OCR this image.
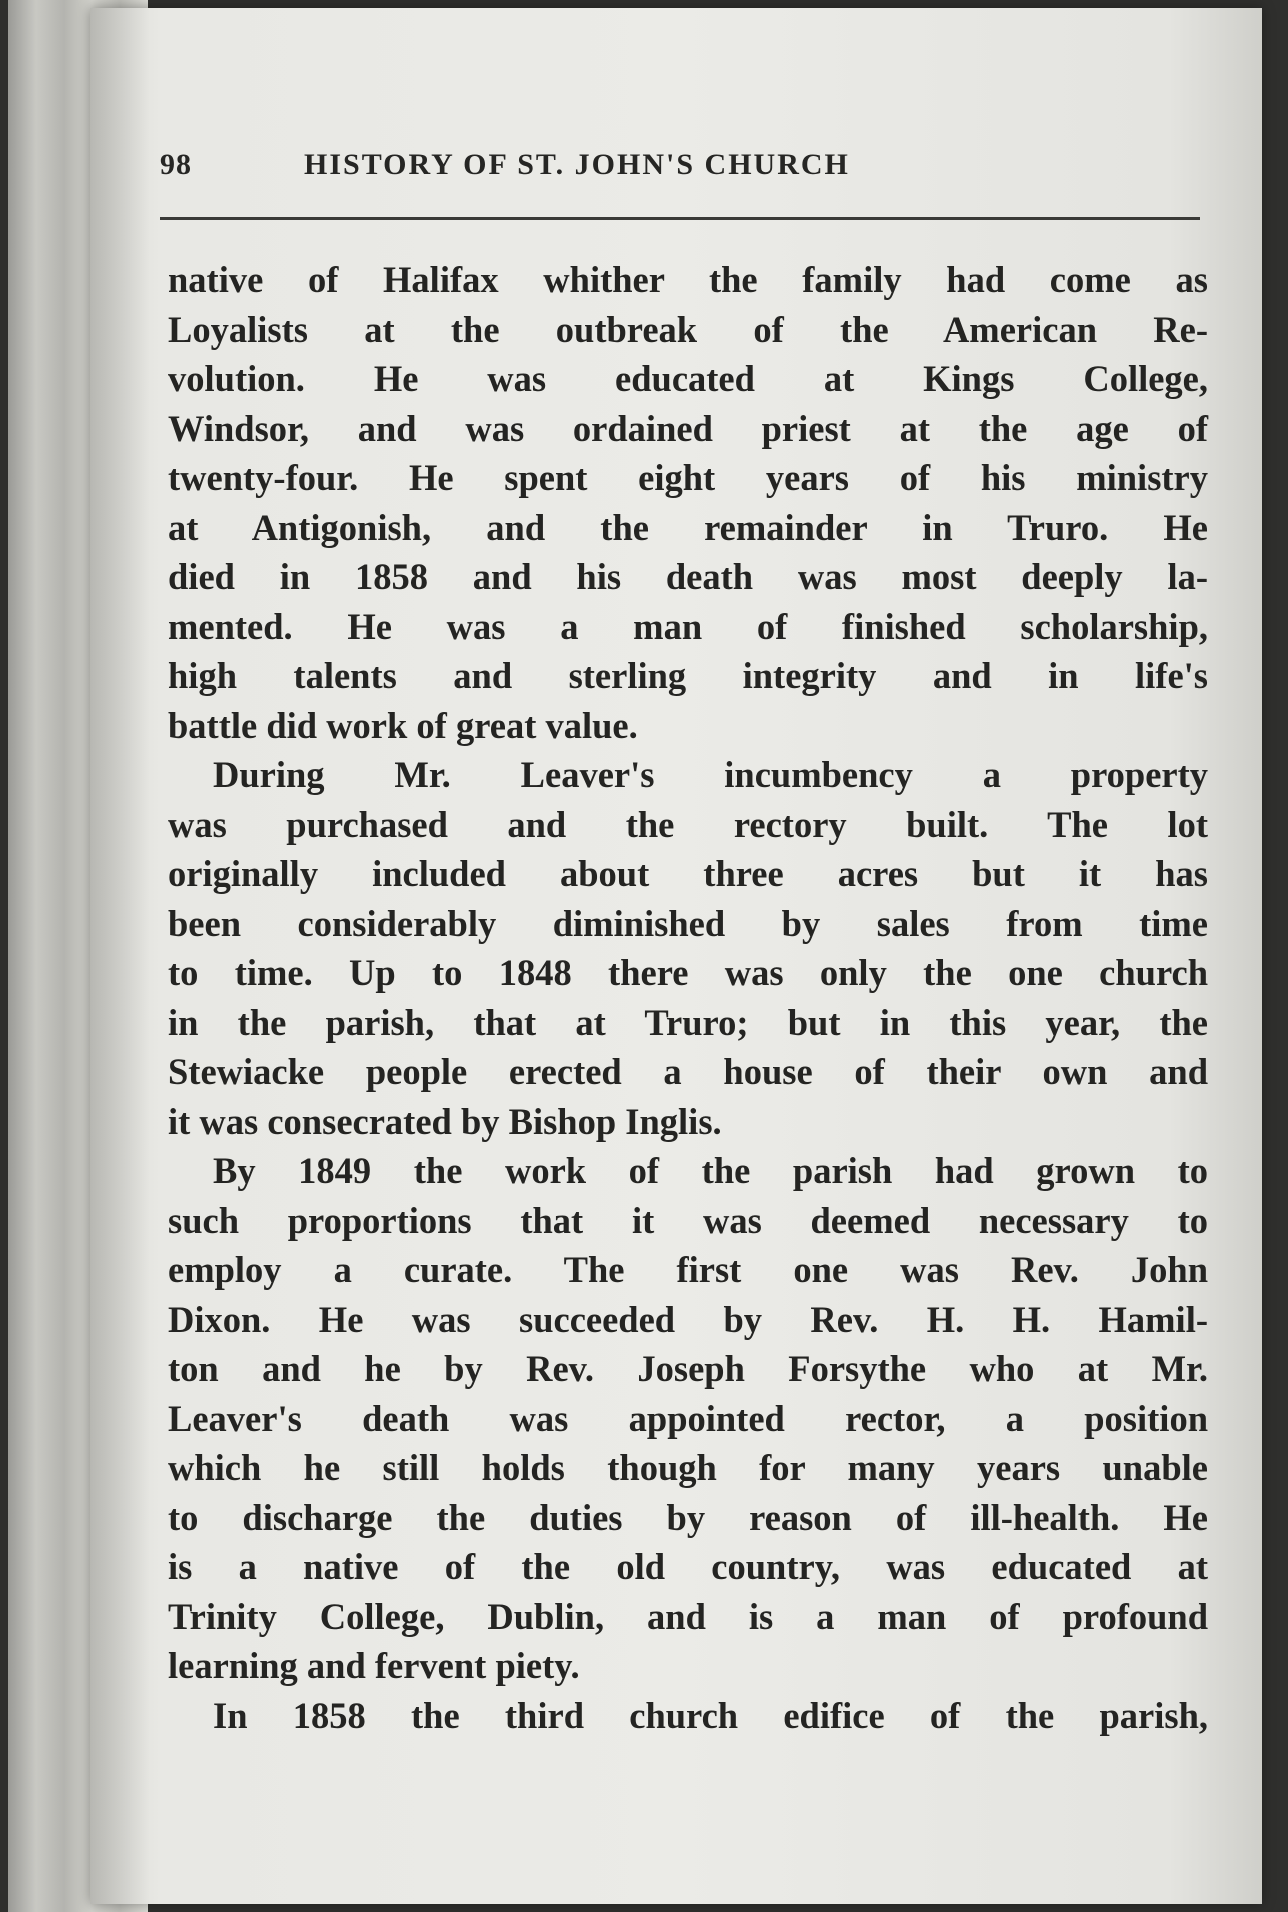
98	HISTORY OF ST. JOHN'S CHURCH
native of Halifax whither the family had come as
Loyalists at the outbreak of the American Re-
volution. He was educated at Kings College,
Windsor, and was ordained priest at the age of
twenty-four. He spent eight years of his ministry
at Antigonish, and the remainder in Truro. He
died in 1858 and his death was most deeply la-
mented. He was a man of finished scholarship,
high talents and sterling integrity and in life's
battle did work of great value.
During Mr. Leaver's incumbency a property
was purchased and the rectory built. The lot
originally included about three acres but it has
been considerably diminished by sales from time
to time. Up to 1848 there was only the one church
in the parish, that at Truro; but in this year, the
Stewiacke people erected a house of their own and
it was consecrated by Bishop Inglis.
By 1849 the work of the parish had grown to
such proportions that it was deemed necessary to
employ a curate. The first one was Rev. John
Dixon. He was succeeded by Rev. H. H. Hamil-
ton and he by Rev. Joseph Forsythe who at Mr.
Leaver's death was appointed rector, a position
which he still holds though for many years unable
to discharge the duties by reason of ill-health. He
is a native of the old country, was educated at
Trinity College, Dublin, and is a man of profound
learning and fervent piety.
In 1858 the third church edifice of the parish,
